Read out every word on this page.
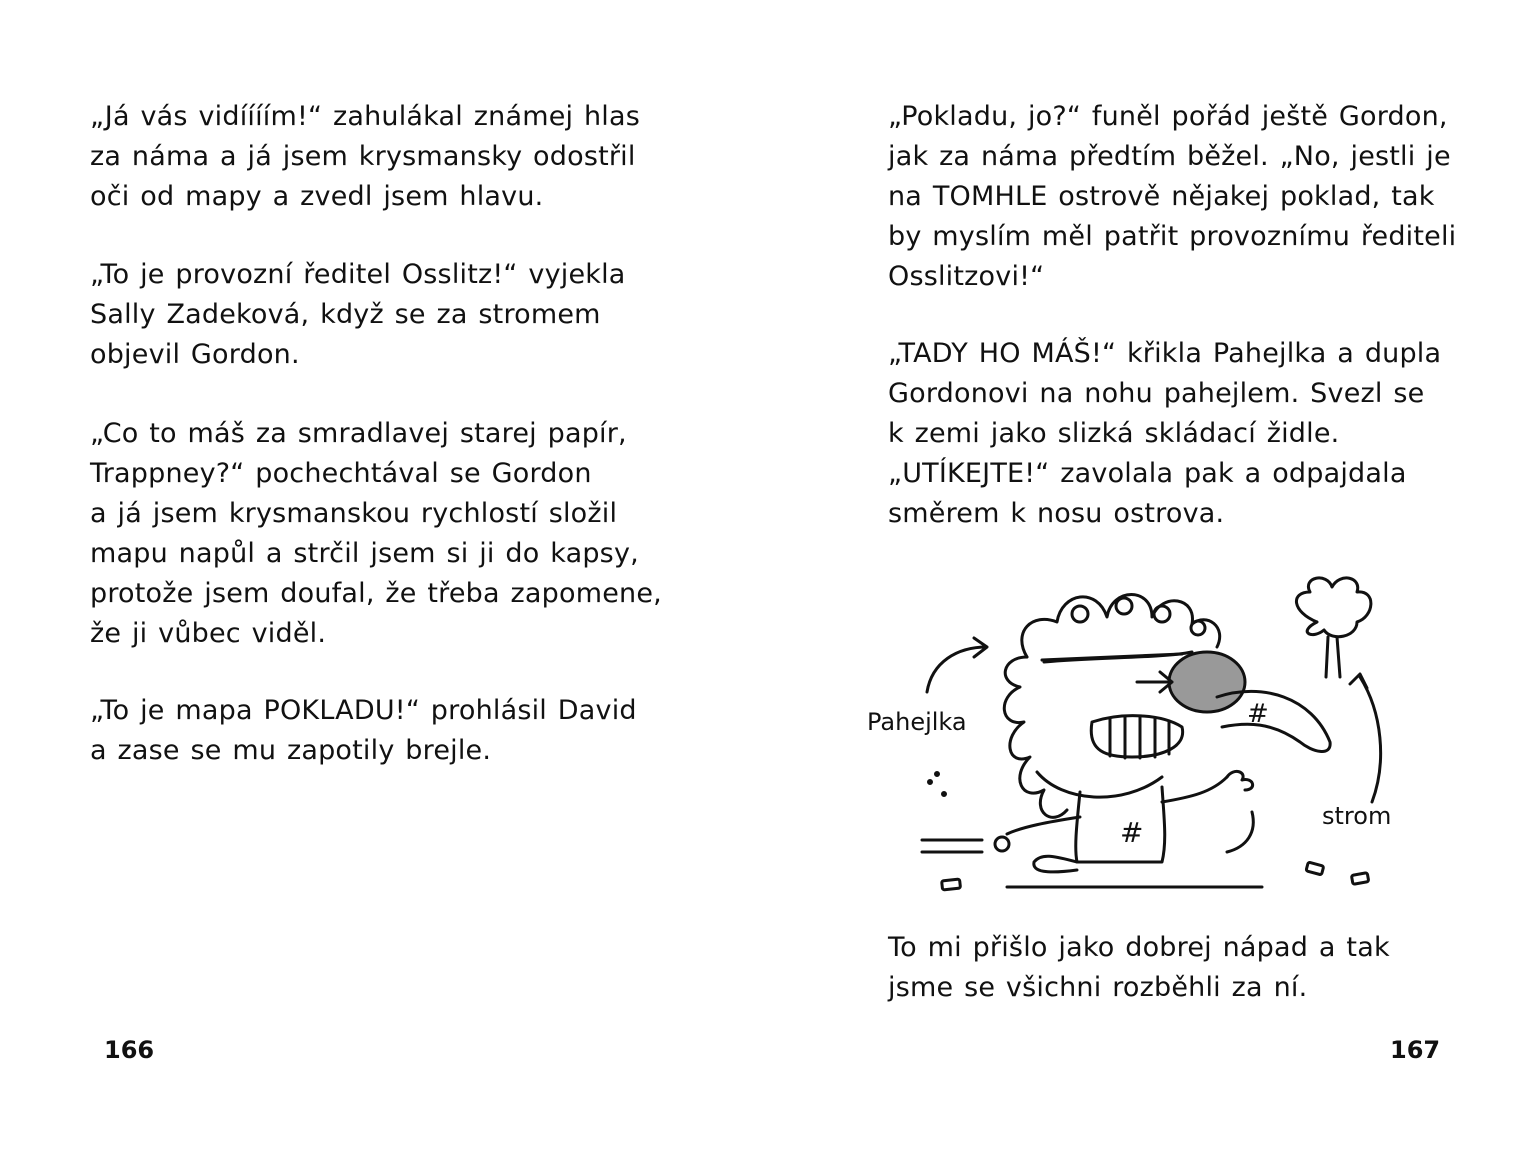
„Já vás vidíííím!“ zahulákal známej hlas
za náma a já jsem krysmansky odostřil
oči od mapy a zvedl jsem hlavu.
„To je provozní ředitel Osslitz!“ vyjekla
Sally Zadeková, když se za stromem
objevil Gordon.
„Co to máš za smradlavej starej papír,
Trappney?“ pochechtával se Gordon
a já jsem krysmanskou rychlostí složil
mapu napůl a strčil jsem si ji do kapsy,
protože jsem doufal, že třeba zapomene,
že ji vůbec viděl.
„To je mapa POKLADU!“ prohlásil David
a zase se mu zapotily brejle.
166
„Pokladu, jo?“ funěl pořád ještě Gordon,
jak za náma předtím běžel. „No, jestli je
na TOMHLE ostrově nějakej poklad, tak
by myslím měl patřit provoznímu řediteli
Osslitzovi!“
„TADY HO MÁŠ!“ křikla Pahejlka a dupla
Gordonovi na nohu pahejlem. Svezl se
k zemi jako slizká skládací židle.
„UTÍKEJTE!“ zavolala pak a odpajdala
směrem k nosu ostrova.
#
#
Pahejlka
strom
To mi přišlo jako dobrej nápad a tak
jsme se všichni rozběhli za ní.
167
